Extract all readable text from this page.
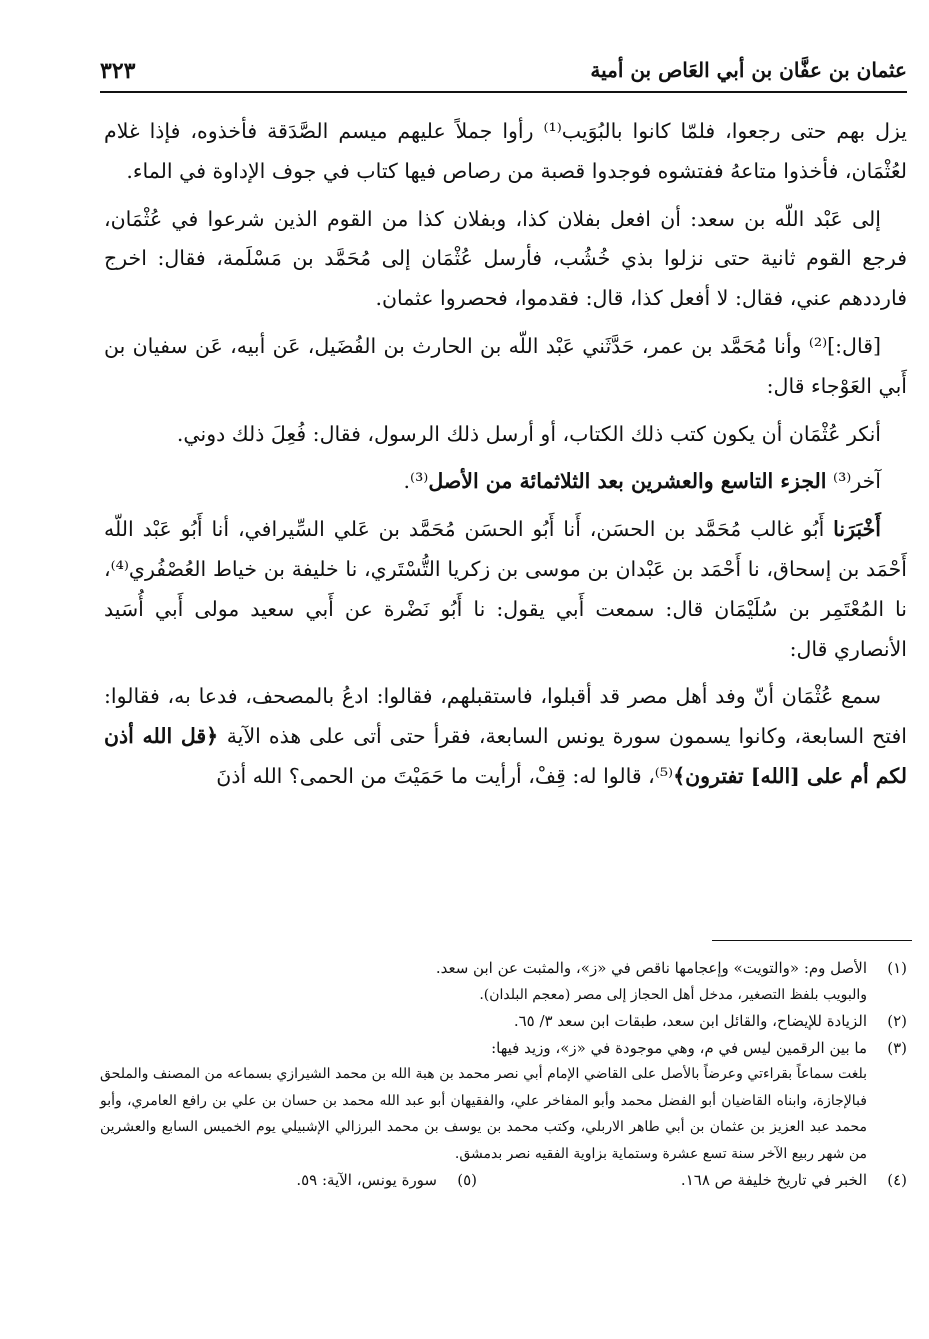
عثمان بن عفَّان بن أبي العَاص بن أمية
٣٢٣

يزل بهم حتى رجعوا، فلمّا كانوا بالبُوَيب⁽¹⁾ رأوا جملاً عليهم ميسم الصَّدَقة فأخذوه، فإذا غلام لعُثْمَان، فأخذوا متاعهُ ففتشوه فوجدوا قصبة من رصاص فيها كتاب في جوف الإداوة في الماء.

إلى عَبْد اللّه بن سعد: أن افعل بفلان كذا، وبفلان كذا من القوم الذين شرعوا في عُثْمَان، فرجع القوم ثانية حتى نزلوا بذي خُشُب، فأرسل عُثْمَان إلى مُحَمَّد بن مَسْلَمة، فقال: اخرج فارددهم عني، فقال: لا أفعل كذا، قال: فقدموا، فحصروا عثمان.

[قال:]⁽²⁾ وأنا مُحَمَّد بن عمر، حَدَّثَني عَبْد اللّه بن الحارث بن الفُضَيل، عَن أبيه، عَن سفيان بن أَبي العَوْجاء قال:

أنكر عُثْمَان أن يكون كتب ذلك الكتاب، أو أرسل ذلك الرسول، فقال: فُعِلَ ذلك دوني.

آخر⁽³⁾ الجزء التاسع والعشرين بعد الثلاثمائة من الأصل⁽³⁾.

أَخْبَرَنا أَبُو غالب مُحَمَّد بن الحسَن، أَنا أَبُو الحسَن مُحَمَّد بن عَلي السِّيرافي، أنا أَبُو عَبْد اللّه أَحْمَد بن إسحاق، نا أَحْمَد بن عَبْدان بن موسى بن زكريا التُّسْتَري، نا خليفة بن خياط العُصْفُري⁽⁴⁾، نا المُعْتَمِر بن سُلَيْمَان قال: سمعت أَبي يقول: نا أَبُو نَضْرة عن أَبي سعيد مولى أَبي أُسَيد الأنصاري قال:

سمع عُثْمَان أنّ وفد أهل مصر قد أقبلوا، فاستقبلهم، فقالوا: ادعُ بالمصحف، فدعا به، فقالوا: افتح السابعة، وكانوا يسمون سورة يونس السابعة، فقرأ حتى أتى على هذه الآية ﴿قل الله أذن لكم أم على [الله] تفترون﴾⁽⁵⁾، قالوا له: قِفْ، أرأيت ما حَمَيْتَ من الحمى؟ الله أذنَ

(١)
الأصل وم: «والتويت» وإعجامها ناقص في «ز»، والمثبت عن ابن سعد.
والبويب بلفظ التصغير، مدخل أهل الحجاز إلى مصر (معجم البلدان).
(٢)
الزيادة للإيضاح، والقائل ابن سعد، طبقات ابن سعد ٣/ ٦٥.
(٣)
ما بين الرقمين ليس في م، وهي موجودة في «ز»، وزيد فيها:
بلغت سماعاً بقراءتي وعرضاً بالأصل على القاضي الإمام أبي نصر محمد بن هبة الله بن محمد الشيرازي بسماعه من المصنف والملحق فبالإجازة، وابناه القاضيان أبو الفضل محمد وأبو المفاخر علي، والفقيهان أبو عبد الله محمد بن حسان بن علي بن رافع العامري، وأبو محمد عبد العزيز بن عثمان بن أبي طاهر الاربلي، وكتب محمد بن يوسف بن محمد البرزالي الإشبيلي يوم الخميس السابع والعشرين من شهر ربيع الآخر سنة تسع عشرة وستماية بزاوية الفقيه نصر بدمشق.
(٤)
الخبر في تاريخ خليفة ص ١٦٨.
(٥)
سورة يونس، الآية: ٥٩.
